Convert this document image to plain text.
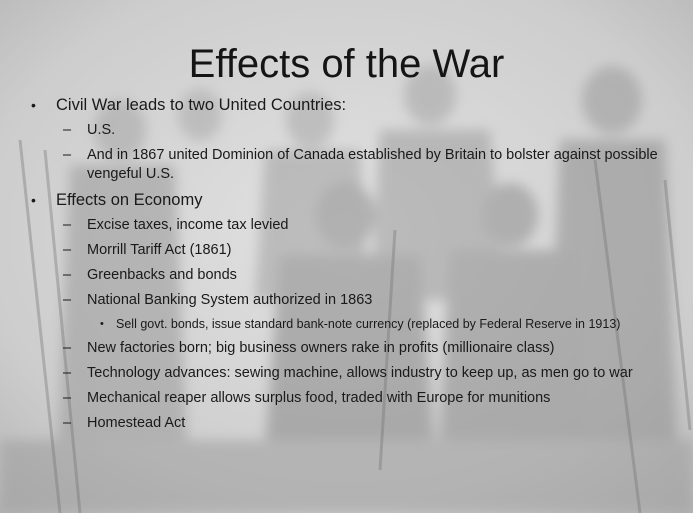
Effects of the War
• Civil War leads to two United Countries:
– U.S.
– And in 1867 united Dominion of Canada established by Britain to bolster against possible vengeful U.S.
• Effects on Economy
– Excise taxes, income tax levied
– Morrill Tariff Act (1861)
– Greenbacks and bonds
– National Banking System authorized in 1863
• Sell govt. bonds, issue standard bank-note currency (replaced by Federal Reserve in 1913)
– New factories born; big business owners rake in profits (millionaire class)
– Technology advances: sewing machine, allows industry to keep up, as men go to war
– Mechanical reaper allows surplus food, traded with Europe for munitions
– Homestead Act
